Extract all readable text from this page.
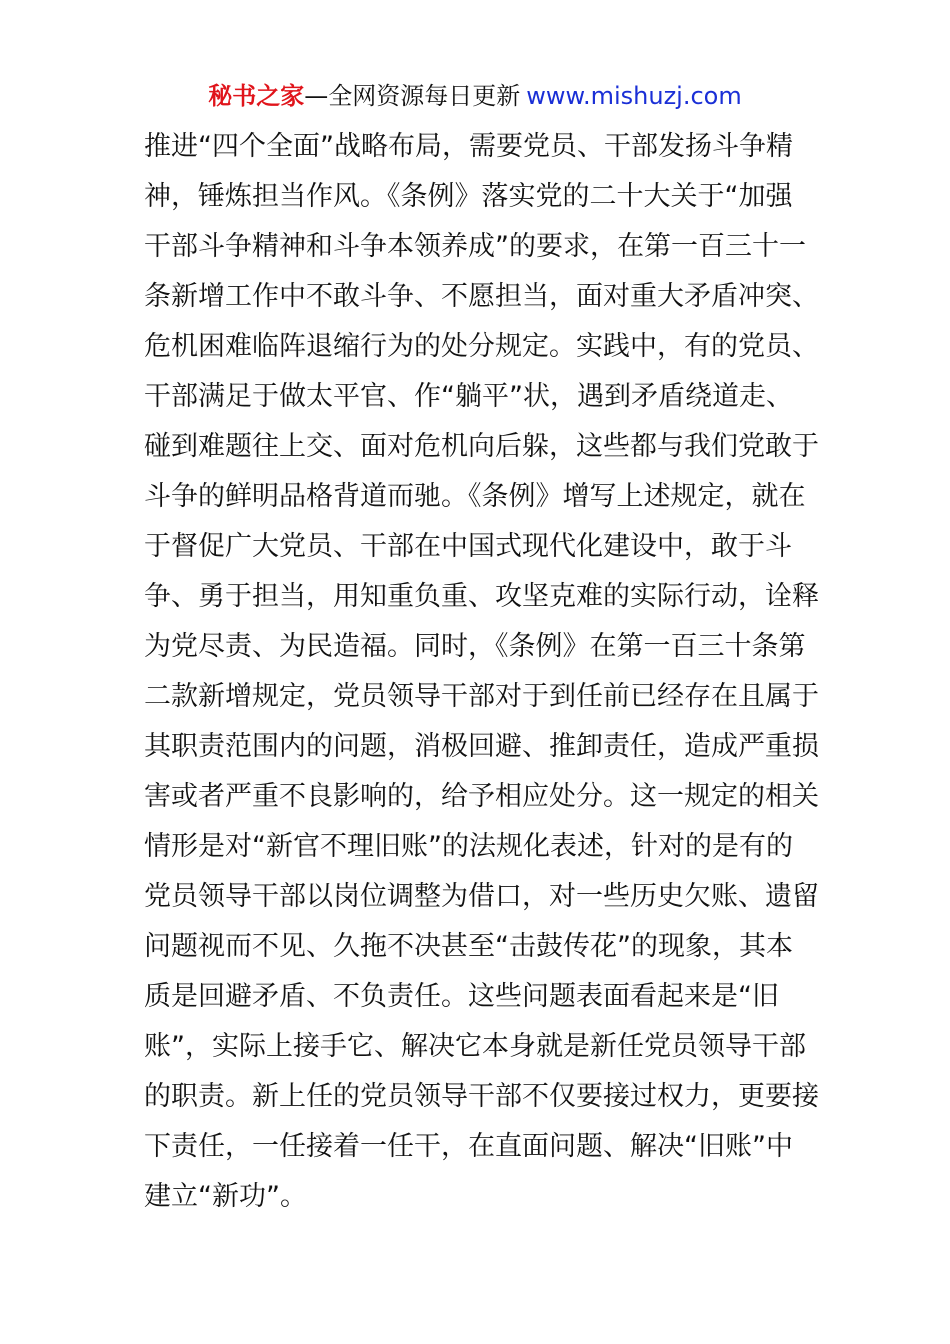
秘书之家—全网资源每日更新 www.mishuzj.com
推进“四个全面”战略布局，需要党员、干部发扬斗争精
神，锤炼担当作风。《条例》落实党的二十大关于“加强
干部斗争精神和斗争本领养成”的要求，在第一百三十一
条新增工作中不敢斗争、不愿担当，面对重大矛盾冲突、
危机困难临阵退缩行为的处分规定。实践中，有的党员、
干部满足于做太平官、作“躺平”状，遇到矛盾绕道走、
碰到难题往上交、面对危机向后躲，这些都与我们党敢于
斗争的鲜明品格背道而驰。《条例》增写上述规定，就在
于督促广大党员、干部在中国式现代化建设中，敢于斗
争、勇于担当，用知重负重、攻坚克难的实际行动，诠释
为党尽责、为民造福。同时，《条例》在第一百三十条第
二款新增规定，党员领导干部对于到任前已经存在且属于
其职责范围内的问题，消极回避、推卸责任，造成严重损
害或者严重不良影响的，给予相应处分。这一规定的相关
情形是对“新官不理旧账”的法规化表述，针对的是有的
党员领导干部以岗位调整为借口，对一些历史欠账、遗留
问题视而不见、久拖不决甚至“击鼓传花”的现象，其本
质是回避矛盾、不负责任。这些问题表面看起来是“旧
账”，实际上接手它、解决它本身就是新任党员领导干部
的职责。新上任的党员领导干部不仅要接过权力，更要接
下责任，一任接着一任干，在直面问题、解决“旧账”中
建立“新功”。
